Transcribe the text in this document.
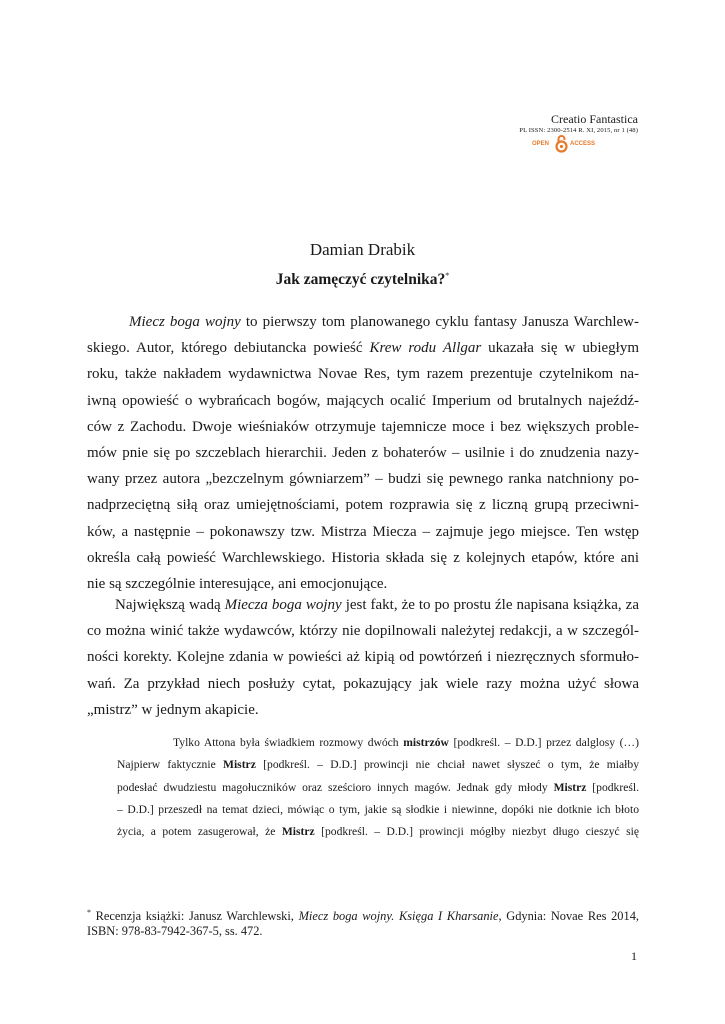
Creatio Fantastica
PL ISSN: 2300-2514 R. XI, 2015, nr 1 (48)
OPEN	ACCESS
Damian Drabik
Jak zamęczyć czytelnika?*
Miecz boga wojny to pierwszy tom planowanego cyklu fantasy Janusza Warchlew-
skiego. Autor, którego debiutancka powieść Krew rodu Allgar ukazała się w ubiegłym
roku, także nakładem wydawnictwa Novae Res, tym razem prezentuje czytelnikom na-
iwną opowieść o wybrańcach bogów, mających ocalić Imperium od brutalnych najeźdź-
ców z Zachodu. Dwoje wieśniaków otrzymuje tajemnicze moce i bez większych proble-
mów pnie się po szczeblach hierarchii. Jeden z bohaterów – usilnie i do znudzenia nazy-
wany przez autora „bezczelnym gówniarzem” – budzi się pewnego ranka natchniony po-
nadprzeciętną siłą oraz umiejętnościami, potem rozprawia się z liczną grupą przeciwni-
ków, a następnie – pokonawszy tzw. Mistrza Miecza – zajmuje jego miejsce. Ten wstęp
określa całą powieść Warchlewskiego. Historia składa się z kolejnych etapów, które ani
nie są szczególnie interesujące, ani emocjonujące.
Największą wadą Miecza boga wojny jest fakt, że to po prostu źle napisana książka, za
co można winić także wydawców, którzy nie dopilnowali należytej redakcji, a w szczegól-
ności korekty. Kolejne zdania w powieści aż kipią od powtórzeń i niezręcznych sformuło-
wań. Za przykład niech posłuży cytat, pokazujący jak wiele razy można użyć słowa
„mistrz” w jednym akapicie.
Tylko Attona była świadkiem rozmowy dwóch mistrzów [podkreśl. – D.D.] przez dalglosy (…)
Najpierw faktycznie Mistrz [podkreśl. – D.D.] prowincji nie chciał nawet słyszeć o tym, że miałby
podesłać dwudziestu magołuczników oraz sześcioro innych magów. Jednak gdy młody Mistrz [podkreśl.
– D.D.] przeszedł na temat dzieci, mówiąc o tym, jakie są słodkie i niewinne, dopóki nie dotknie ich błoto
życia, a potem zasugerował, że Mistrz [podkreśl. – D.D.] prowincji mógłby niezbyt długo cieszyć się
* Recenzja książki: Janusz Warchlewski, Miecz boga wojny. Księga I Kharsanie, Gdynia: Novae Res 2014,
ISBN: 978-83-7942-367-5, ss. 472.
1
